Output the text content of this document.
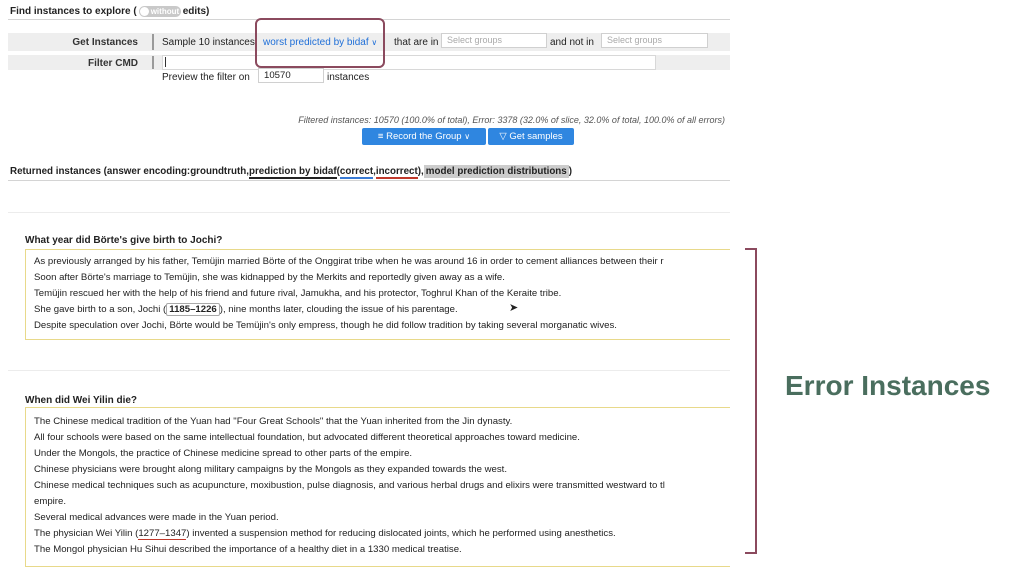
Find instances to explore ( without edits)
Get Instances Sample 10 instances worst predicted by bidaf ∨ that are in Select groups	and not in	Select groups
Filter CMD
Preview the filter on	10570	instances
Filtered instances: 10570 (100.0% of total), Error: 3378 (32.0% of slice, 32.0% of total, 100.0% of all errors)
≡ Record the Group ∨	▽ Get samples
Returned instances (answer encoding:groundtruth,prediction by bidaf(correct,incorrect), model prediction distributions )
What year did Börte's give birth to Jochi?
As previously arranged by his father, Temüjin married Börte of the Onggirat tribe when he was around 16 in order to cement alliances between their r
Soon after Börte's marriage to Temüjin, she was kidnapped by the Merkits and reportedly given away as a wife.
Temüjin rescued her with the help of his friend and future rival, Jamukha, and his protector, Toghrul Khan of the Keraite tribe.
She gave birth to a son, Jochi ( 1185–1226 ), nine months later, clouding the issue of his parentage.
Despite speculation over Jochi, Börte would be Temüjin's only empress, though he did follow tradition by taking several morganatic wives.
➤
When did Wei Yilin die?
The Chinese medical tradition of the Yuan had "Four Great Schools" that the Yuan inherited from the Jin dynasty.
All four schools were based on the same intellectual foundation, but advocated different theoretical approaches toward medicine.
Under the Mongols, the practice of Chinese medicine spread to other parts of the empire.
Chinese physicians were brought along military campaigns by the Mongols as they expanded towards the west.
Chinese medical techniques such as acupuncture, moxibustion, pulse diagnosis, and various herbal drugs and elixirs were transmitted westward to tl
empire.
Several medical advances were made in the Yuan period.
The physician Wei Yilin (1277–1347) invented a suspension method for reducing dislocated joints, which he performed using anesthetics.
The Mongol physician Hu Sihui described the importance of a healthy diet in a 1330 medical treatise.
Error Instances
